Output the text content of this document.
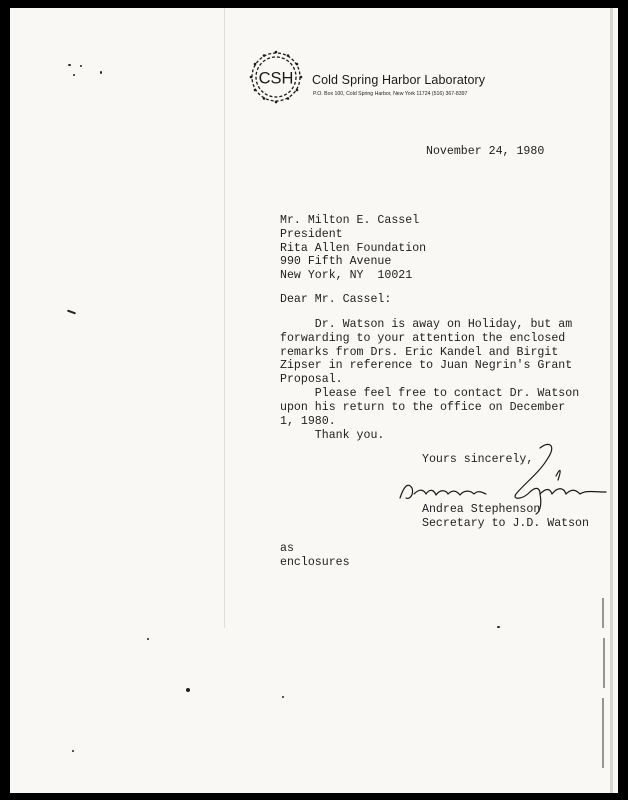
CSH Cold Spring Harbor Laboratory
P.O. Box 100, Cold Spring Harbor, New York 11724 (516) 367-8397

November 24, 1980

Mr. Milton E. Cassel
President
Rita Allen Foundation
990 Fifth Avenue
New York, NY  10021

Dear Mr. Cassel:

Dr. Watson is away on Holiday, but am
forwarding to your attention the enclosed
remarks from Drs. Eric Kandel and Birgit
Zipser in reference to Juan Negrin's Grant
Proposal.

Please feel free to contact Dr. Watson
upon his return to the office on December
1, 1980.

Thank you.

Yours sincerely,

Andrea Stephenson

Secretary to J.D. Watson

as

enclosures
